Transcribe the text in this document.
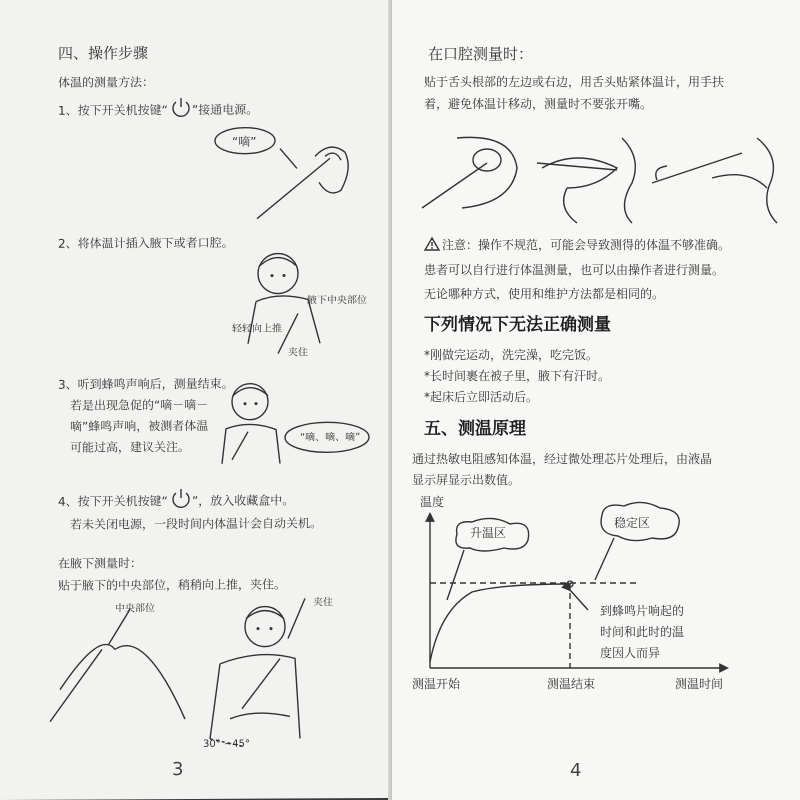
四、操作步骤
体温的测量方法：
1、按下开关机按键“ ”接通电源。
“嘀”
2、将体温计插入腋下或者口腔。
腋下中央部位
轻轻向上推
夹住
3、听到蜂鸣声响后，测量结束。
若是出现急促的“嘀－嘀－
嘀”蜂鸣声响，被测者体温
可能过高，建议关注。
“嘀、嘀、嘀”
4、按下开关机按键“ ”，放入收藏盒中。
若未关闭电源，一段时间内体温计会自动关机。
在腋下测量时：
贴于腋下的中央部位，稍稍向上推，夹住。
中央部位
夹住
30° ~45°
3
在口腔测量时：
贴于舌头根部的左边或右边，用舌头贴紧体温计，用手扶
着，避免体温计移动，测量时不要张开嘴。
注意：操作不规范，可能会导致测得的体温不够准确。
患者可以自行进行体温测量，也可以由操作者进行测量。
无论哪种方式，使用和维护方法都是相同的。
下列情况下无法正确测量
*刚做完运动，洗完澡，吃完饭。
*长时间裹在被子里，腋下有汗时。
*起床后立即活动后。
五、测温原理
通过热敏电阻感知体温，经过微处理芯片处理后，由液晶
显示屏显示出数值。
温度
升温区
稳定区
到蜂鸣片响起的
时间和此时的温
度因人而异
测温开始	测温结束	测温时间
4
